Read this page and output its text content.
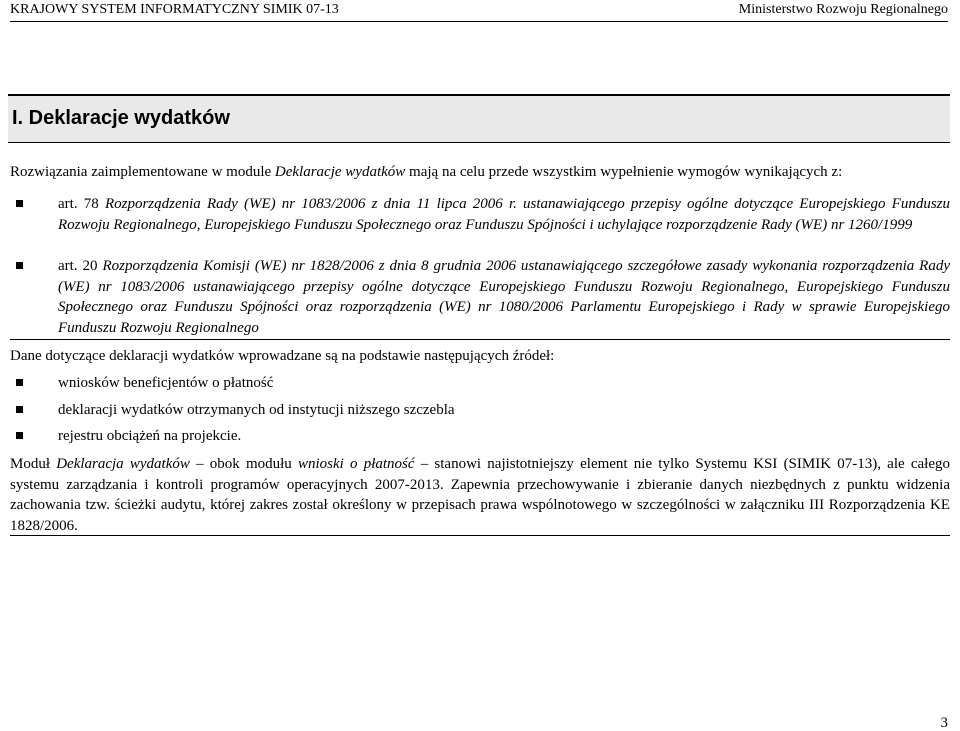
KRAJOWY SYSTEM INFORMATYCZNY SIMIK 07-13	Ministerstwo Rozwoju Regionalnego
I. Deklaracje wydatków
Rozwiązania zaimplementowane w module Deklaracje wydatków mają na celu przede wszystkim wypełnienie wymogów wynikających z:
art. 78 Rozporządzenia Rady (WE) nr 1083/2006 z dnia 11 lipca 2006 r. ustanawiającego przepisy ogólne dotyczące Europejskiego Funduszu Rozwoju Regionalnego, Europejskiego Funduszu Społecznego oraz Funduszu Spójności i uchylające rozporządzenie Rady (WE) nr 1260/1999
art. 20 Rozporządzenia Komisji (WE) nr 1828/2006 z dnia 8 grudnia 2006 ustanawiającego szczegółowe zasady wykonania rozporządzenia Rady (WE) nr 1083/2006 ustanawiającego przepisy ogólne dotyczące Europejskiego Funduszu Rozwoju Regionalnego, Europejskiego Funduszu Społecznego oraz Funduszu Spójności oraz rozporządzenia (WE) nr 1080/2006 Parlamentu Europejskiego i Rady w sprawie Europejskiego Funduszu Rozwoju Regionalnego
Dane dotyczące deklaracji wydatków wprowadzane są na podstawie następujących źródeł:
wniosków beneficjentów o płatność
deklaracji wydatków otrzymanych od instytucji niższego szczebla
rejestru obciążeń na projekcie.
Moduł Deklaracja wydatków – obok modułu wnioski o płatność – stanowi najistotniejszy element nie tylko Systemu KSI (SIMIK 07-13), ale całego systemu zarządzania i kontroli programów operacyjnych 2007-2013. Zapewnia przechowywanie i zbieranie danych niezbędnych z punktu widzenia zachowania tzw. ścieżki audytu, której zakres został określony w przepisach prawa wspólnotowego w szczególności w załączniku III Rozporządzenia KE 1828/2006.
3
